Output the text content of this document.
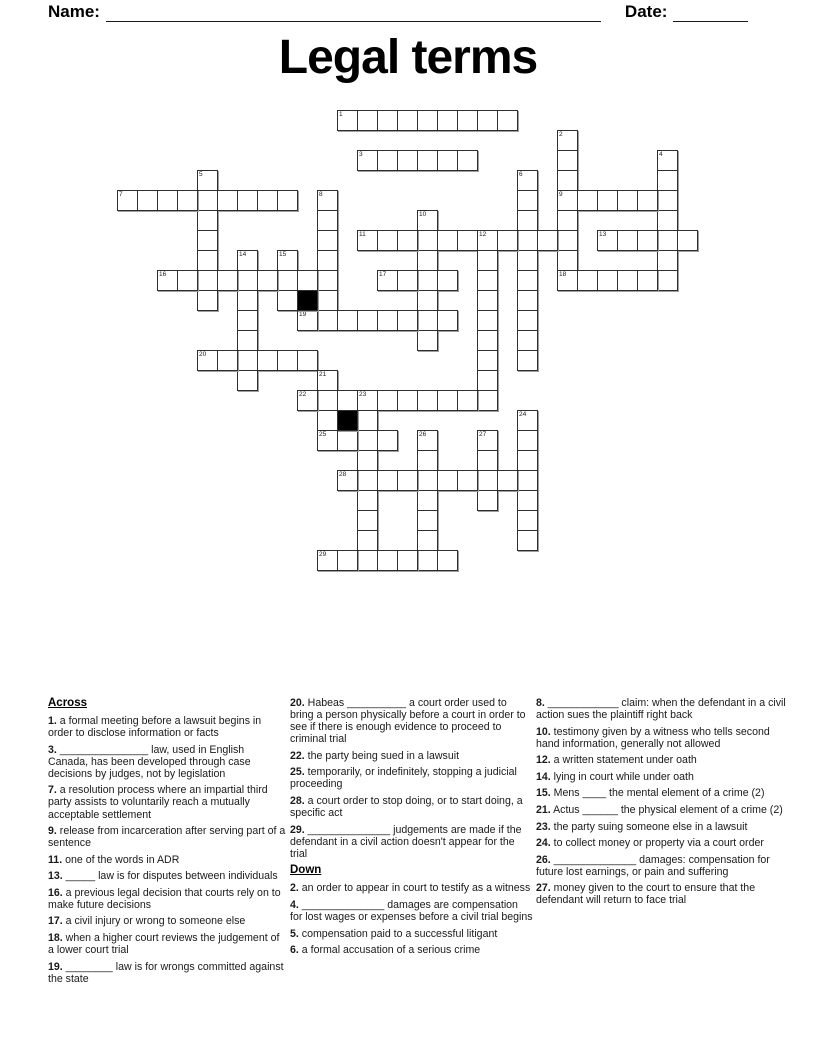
Name:	Date:
Legal terms
1
2
9
18
3	4
5	6
7	8
10
11	12	13
14	15
16	17
19
20
21
25
22	23
24
26	27
28
29
Across

1. a formal meeting before a lawsuit begins in order to disclose information or facts

3. _______________ law, used in English Canada, has been developed through case decisions by judges, not by legislation

7. a resolution process where an impartial third party assists to voluntarily reach a mutually acceptable settlement

9. release from incarceration after serving part of a sentence

11. one of the words in ADR

13. _____ law is for disputes between individuals

16. a previous legal decision that courts rely on to make future decisions

17. a civil injury or wrong to someone else

18. when a higher court reviews the judgement of a lower court trial

19. ________ law is for wrongs committed against the state

20. Habeas __________ a court order used to bring a person physically before a court in order to see if there is enough evidence to proceed to criminal trial

22. the party being sued in a lawsuit

25. temporarily, or indefinitely, stopping a judicial proceeding

28. a court order to stop doing, or to start doing, a specific act

29. ______________ judgements are made if the defendant in a civil action doesn't appear for the trial

Down

2. an order to appear in court to testify as a witness

4. ______________ damages are compensation for lost wages or expenses before a civil trial begins

5. compensation paid to a successful litigant

6. a formal accusation of a serious crime

8. ____________ claim: when the defendant in a civil action sues the plaintiff right back

10. testimony given by a witness who tells second hand information, generally not allowed

12. a written statement under oath

14. lying in court while under oath

15. Mens ____ the mental element of a crime (2)

21. Actus ______ the physical element of a crime (2)

23. the party suing someone else in a lawsuit

24. to collect money or property via a court order

26. ______________ damages: compensation for future lost earnings, or pain and suffering

27. money given to the court to ensure that the defendant will return to face trial
